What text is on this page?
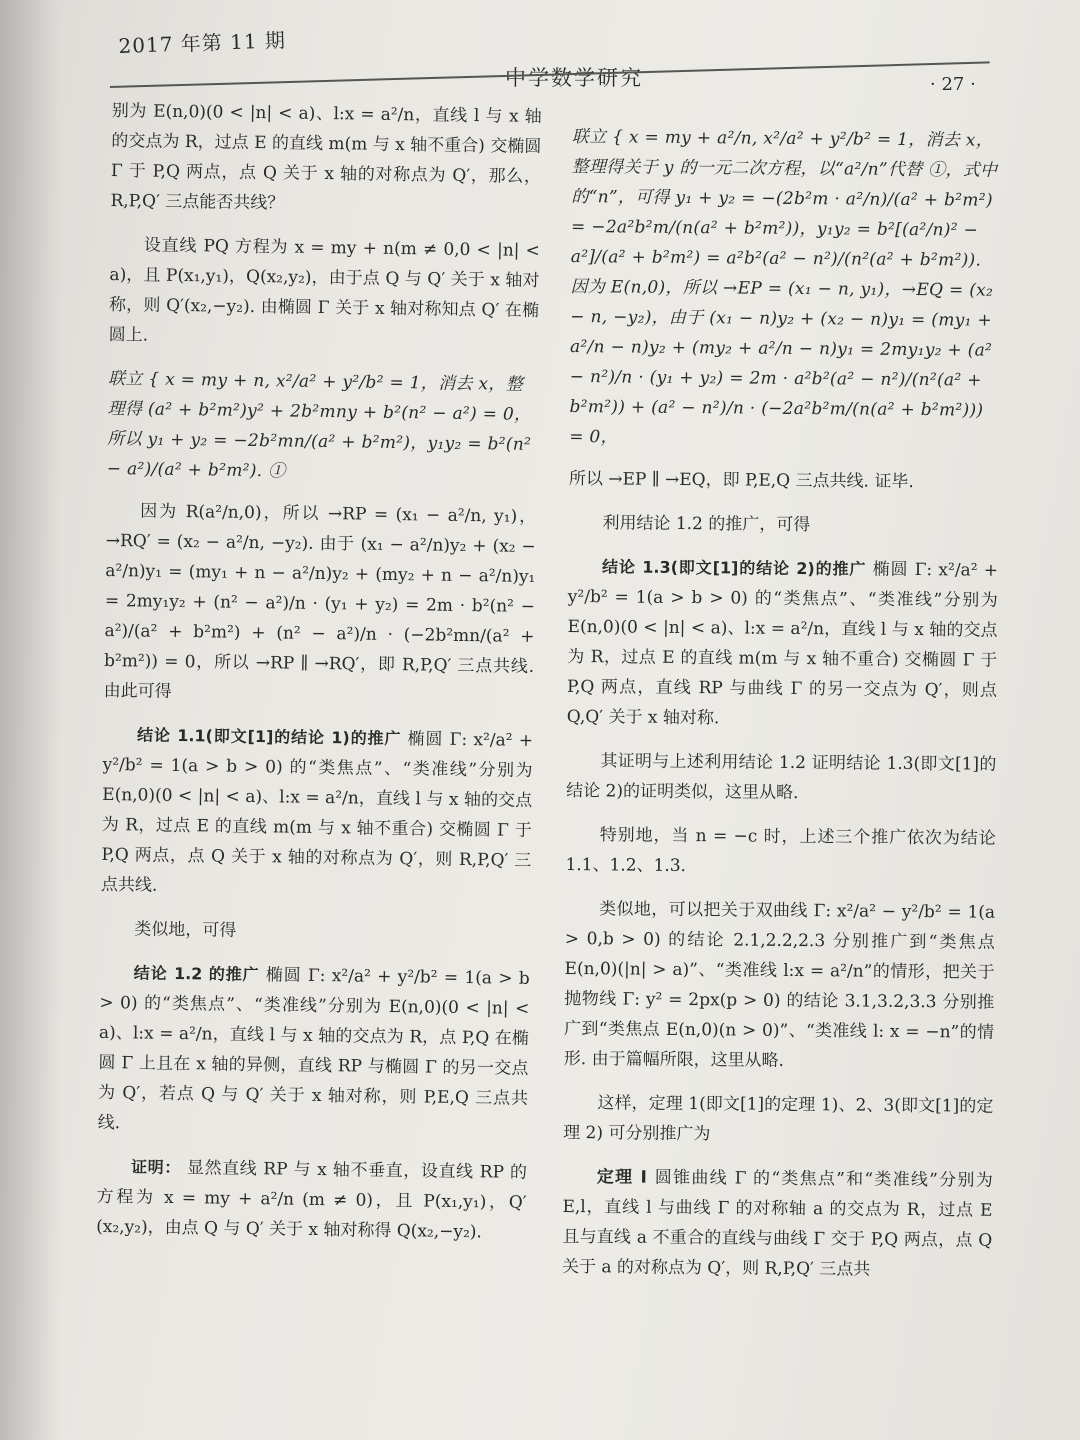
2017 年第 11 期
中学数学研究	· 27 ·

别为 E(n,0)(0 < |n| < a)、l:x = a²/n，直线 l 与 x 轴的交点为 R，过点 E 的直线 m(m 与 x 轴不重合) 交椭圆 Γ 于 P,Q 两点，点 Q 关于 x 轴的对称点为 Q′，那么，R,P,Q′ 三点能否共线？

设直线 PQ 方程为 x = my + n(m ≠ 0,0 < |n| < a)，且 P(x₁,y₁)，Q(x₂,y₂)，由于点 Q 与 Q′ 关于 x 轴对称，则 Q′(x₂,−y₂). 由椭圆 Γ 关于 x 轴对称知点 Q′ 在椭圆上.

联立 { x = my + n, x²/a² + y²/b² = 1，消去 x，整理得 (a² + b²m²)y² + 2b²mny + b²(n² − a²) = 0，所以 y₁ + y₂ = −2b²mn/(a² + b²m²)，y₁y₂ = b²(n² − a²)/(a² + b²m²). ①

因为 R(a²/n,0)，所以 →RP = (x₁ − a²/n, y₁)，→RQ′ = (x₂ − a²/n, −y₂). 由于 (x₁ − a²/n)y₂ + (x₂ − a²/n)y₁ = (my₁ + n − a²/n)y₂ + (my₂ + n − a²/n)y₁ = 2my₁y₂ + (n² − a²)/n · (y₁ + y₂) = 2m · b²(n² − a²)/(a² + b²m²) + (n² − a²)/n · (−2b²mn/(a² + b²m²)) = 0，所以 →RP ∥ →RQ′，即 R,P,Q′ 三点共线. 由此可得

结论 1.1(即文[1]的结论 1)的推广 椭圆 Γ: x²/a² + y²/b² = 1(a > b > 0) 的“类焦点”、“类准线”分别为 E(n,0)(0 < |n| < a)、l:x = a²/n，直线 l 与 x 轴的交点为 R，过点 E 的直线 m(m 与 x 轴不重合) 交椭圆 Γ 于 P,Q 两点，点 Q 关于 x 轴的对称点为 Q′，则 R,P,Q′ 三点共线.

类似地，可得

结论 1.2 的推广 椭圆 Γ: x²/a² + y²/b² = 1(a > b > 0) 的“类焦点”、“类准线”分别为 E(n,0)(0 < |n| < a)、l:x = a²/n，直线 l 与 x 轴的交点为 R，点 P,Q 在椭圆 Γ 上且在 x 轴的异侧，直线 RP 与椭圆 Γ 的另一交点为 Q′，若点 Q 与 Q′ 关于 x 轴对称，则 P,E,Q 三点共线.

证明： 显然直线 RP 与 x 轴不垂直，设直线 RP 的方程为 x = my + a²/n (m ≠ 0)，且 P(x₁,y₁)，Q′(x₂,y₂)，由点 Q 与 Q′ 关于 x 轴对称得 Q(x₂,−y₂).

联立 { x = my + a²/n, x²/a² + y²/b² = 1，消去 x，整理得关于 y 的一元二次方程，以“a²/n”代替 ①，式中的“n”，可得 y₁ + y₂ = −(2b²m · a²/n)/(a² + b²m²) = −2a²b²m/(n(a² + b²m²))，y₁y₂ = b²[(a²/n)² − a²]/(a² + b²m²) = a²b²(a² − n²)/(n²(a² + b²m²)). 因为 E(n,0)，所以 →EP = (x₁ − n, y₁)，→EQ = (x₂ − n, −y₂)，由于 (x₁ − n)y₂ + (x₂ − n)y₁ = (my₁ + a²/n − n)y₂ + (my₂ + a²/n − n)y₁ = 2my₁y₂ + (a² − n²)/n · (y₁ + y₂) = 2m · a²b²(a² − n²)/(n²(a² + b²m²)) + (a² − n²)/n · (−2a²b²m/(n(a² + b²m²))) = 0，

所以 →EP ∥ →EQ，即 P,E,Q 三点共线. 证毕.

利用结论 1.2 的推广，可得

结论 1.3(即文[1]的结论 2)的推广 椭圆 Γ: x²/a² + y²/b² = 1(a > b > 0) 的“类焦点”、“类准线”分别为 E(n,0)(0 < |n| < a)、l:x = a²/n，直线 l 与 x 轴的交点为 R，过点 E 的直线 m(m 与 x 轴不重合) 交椭圆 Γ 于 P,Q 两点，直线 RP 与曲线 Γ 的另一交点为 Q′，则点 Q,Q′ 关于 x 轴对称.

其证明与上述利用结论 1.2 证明结论 1.3(即文[1]的结论 2)的证明类似，这里从略.

特别地，当 n = −c 时，上述三个推广依次为结论 1.1、1.2、1.3.

类似地，可以把关于双曲线 Γ: x²/a² − y²/b² = 1(a > 0,b > 0) 的结论 2.1,2.2,2.3 分别推广到“类焦点 E(n,0)(|n| > a)”、“类准线 l:x = a²/n”的情形，把关于抛物线 Γ: y² = 2px(p > 0) 的结论 3.1,3.2,3.3 分别推广到“类焦点 E(n,0)(n > 0)”、“类准线 l: x = −n”的情形. 由于篇幅所限，这里从略.

这样，定理 1(即文[1]的定理 1)、2、3(即文[1]的定理 2) 可分别推广为

定理 Ⅰ 圆锥曲线 Γ 的“类焦点”和“类准线”分别为 E,l，直线 l 与曲线 Γ 的对称轴 a 的交点为 R，过点 E 且与直线 a 不重合的直线与曲线 Γ 交于 P,Q 两点，点 Q 关于 a 的对称点为 Q′，则 R,P,Q′ 三点共
